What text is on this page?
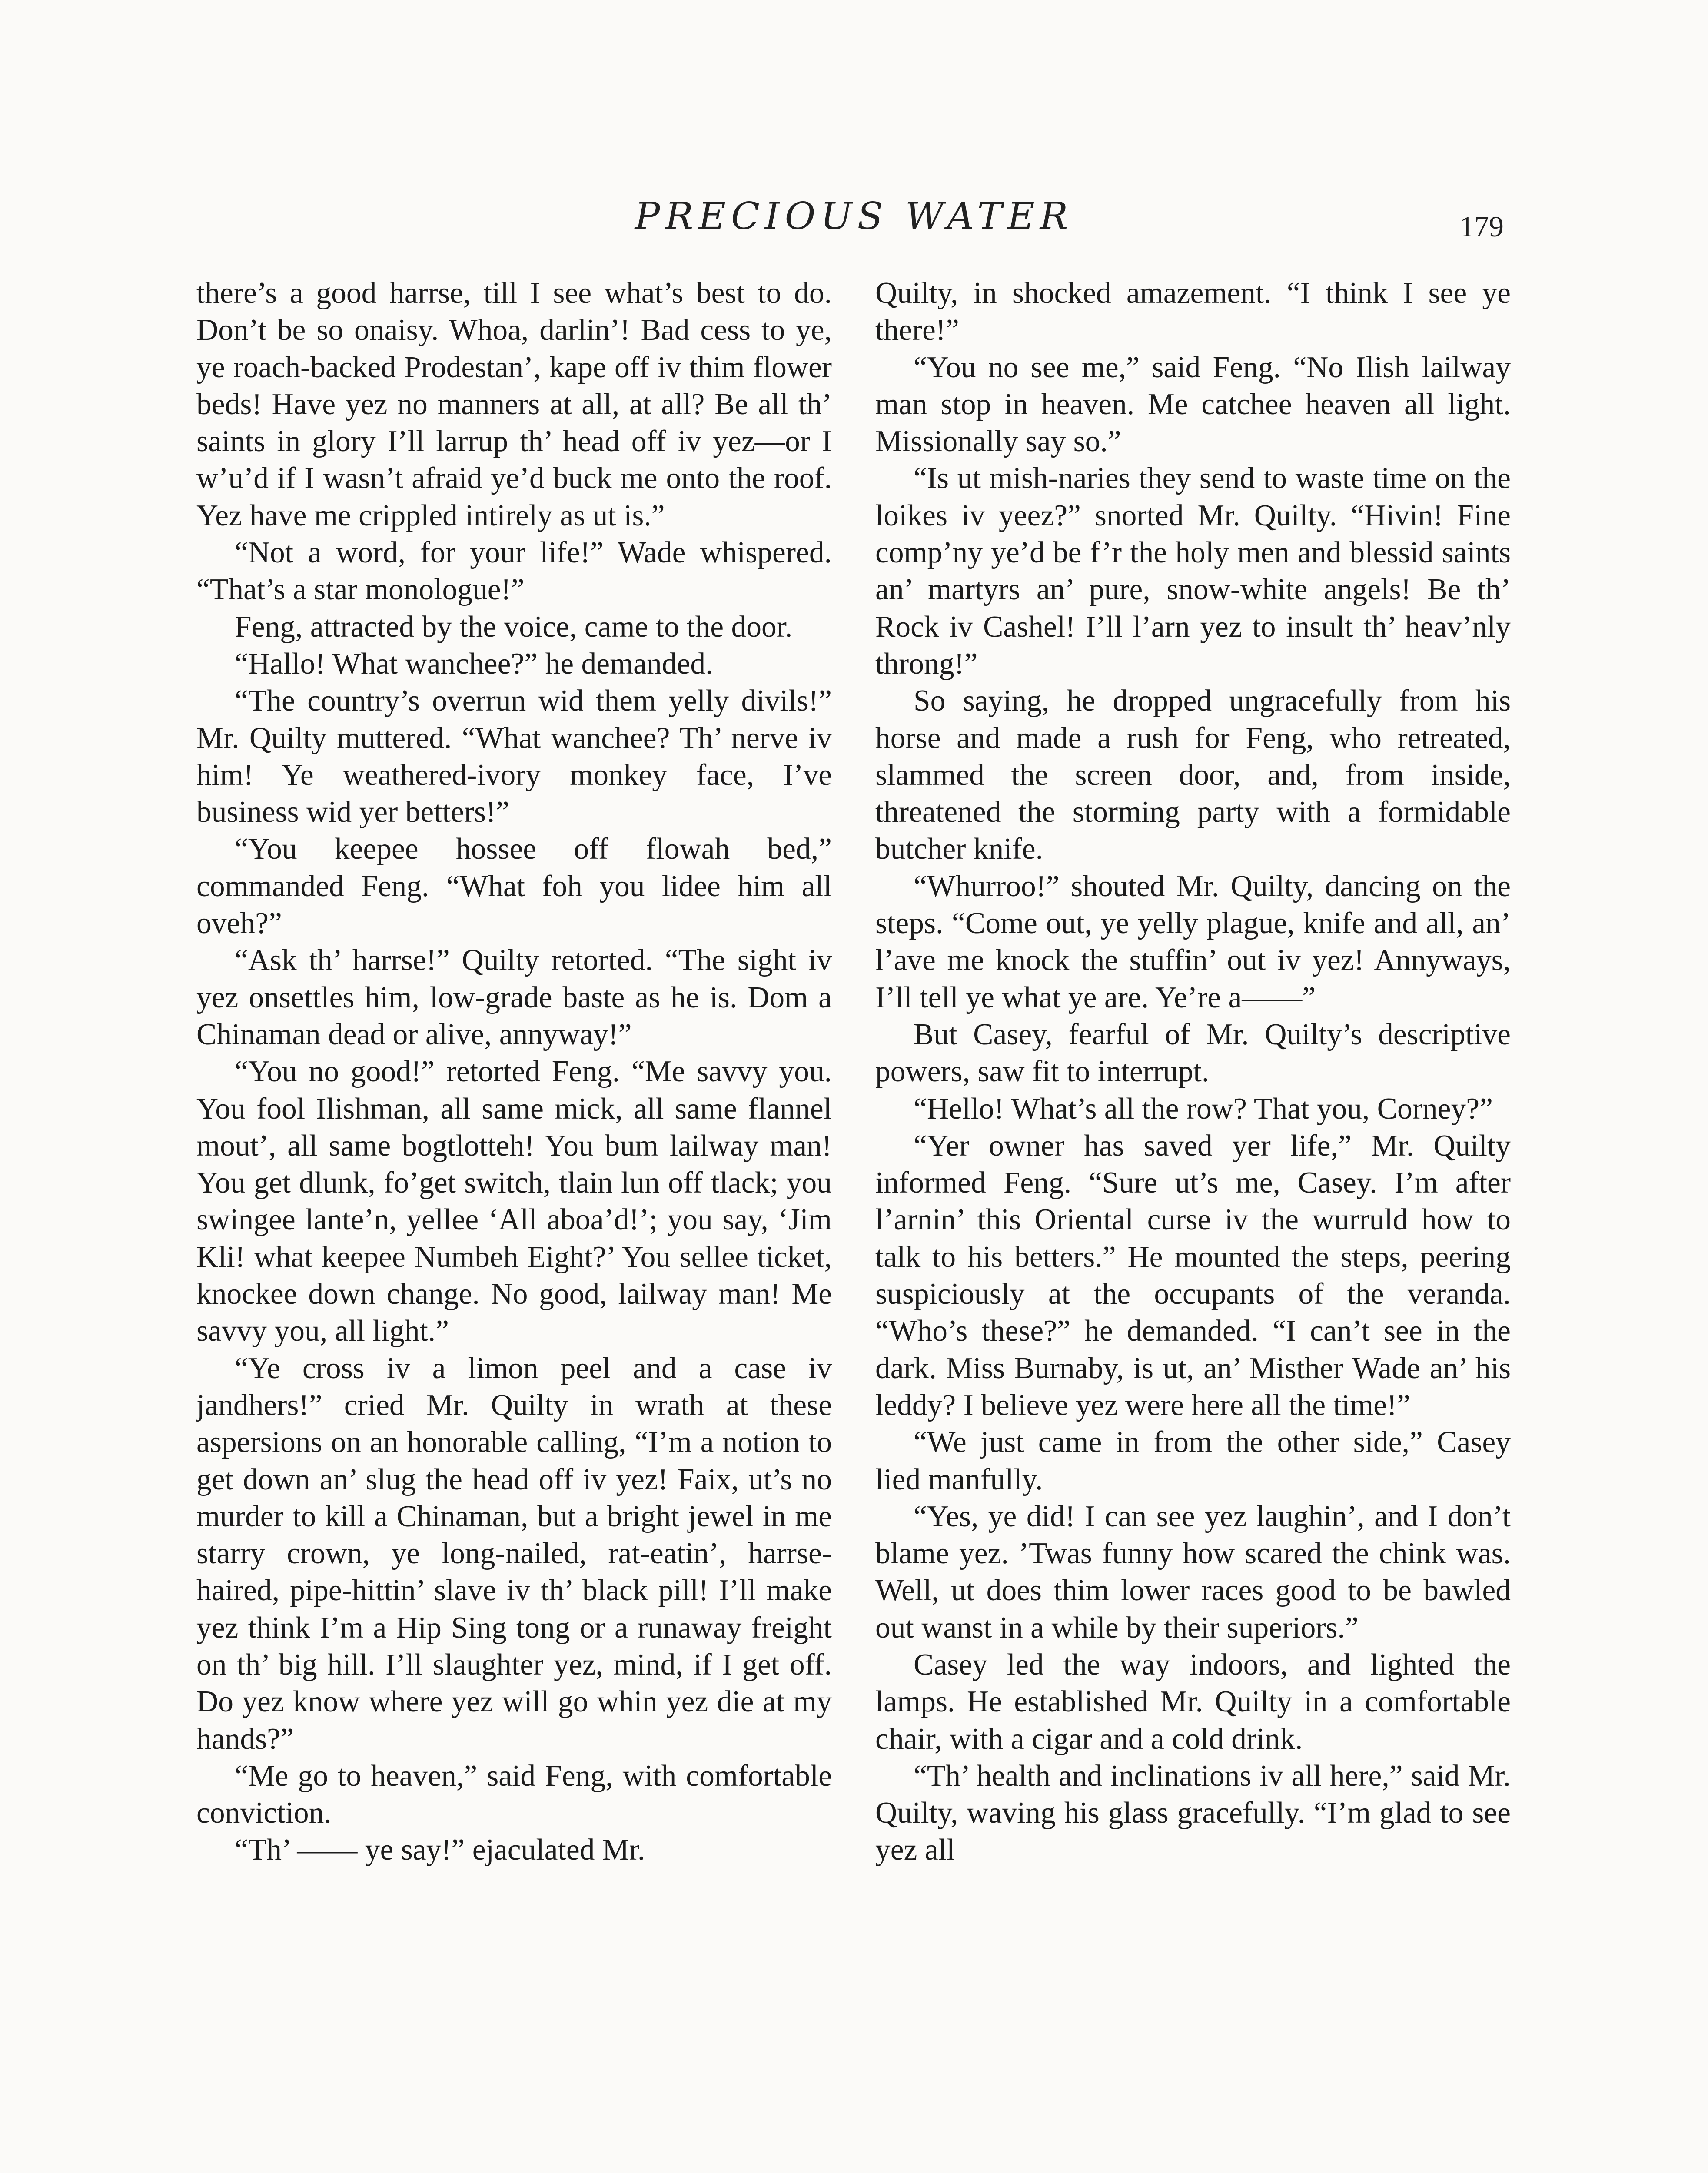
PRECIOUS WATER	179

there’s a good harrse, till I see what’s best to do. Don’t be so onaisy. Whoa, darlin’! Bad cess to ye, ye roach-backed Prodestan’, kape off iv thim flower beds! Have yez no manners at all, at all? Be all th’ saints in glory I’ll larrup th’ head off iv yez—or I w’u’d if I wasn’t afraid ye’d buck me onto the roof. Yez have me crippled intirely as ut is.”

“Not a word, for your life!” Wade whispered. “That’s a star monologue!”

Feng, attracted by the voice, came to the door.

“Hallo! What wanchee?” he demanded.

“The country’s overrun wid them yelly divils!” Mr. Quilty muttered. “What wanchee? Th’ nerve iv him! Ye weathered-ivory monkey face, I’ve business wid yer betters!”

“You keepee hossee off flowah bed,” commanded Feng. “What foh you lidee him all oveh?”

“Ask th’ harrse!” Quilty retorted. “The sight iv yez onsettles him, low-grade baste as he is. Dom a Chinaman dead or alive, annyway!”

“You no good!” retorted Feng. “Me savvy you. You fool Ilishman, all same mick, all same flannel mout’, all same bogtlotteh! You bum lailway man! You get dlunk, fo’get switch, tlain lun off tlack; you swingee lante’n, yellee ‘All aboa’d!’; you say, ‘Jim Kli! what keepee Numbeh Eight?’ You sellee ticket, knockee down change. No good, lailway man! Me savvy you, all light.”

“Ye cross iv a limon peel and a case iv jandhers!” cried Mr. Quilty in wrath at these aspersions on an honorable calling, “I’m a notion to get down an’ slug the head off iv yez! Faix, ut’s no murder to kill a Chinaman, but a bright jewel in me starry crown, ye long-nailed, rat-eatin’, harrse-haired, pipe-hittin’ slave iv th’ black pill! I’ll make yez think I’m a Hip Sing tong or a runaway freight on th’ big hill. I’ll slaughter yez, mind, if I get off. Do yez know where yez will go whin yez die at my hands?”

“Me go to heaven,” said Feng, with comfortable conviction.

“Th’ —— ye say!” ejaculated Mr.

Quilty, in shocked amazement. “I think I see ye there!”

“You no see me,” said Feng. “No Ilish lailway man stop in heaven. Me catchee heaven all light. Missionally say so.”

“Is ut mish-naries they send to waste time on the loikes iv yeez?” snorted Mr. Quilty. “Hivin! Fine comp’ny ye’d be f’r the holy men and blessid saints an’ martyrs an’ pure, snow-white angels! Be th’ Rock iv Cashel! I’ll l’arn yez to insult th’ heav’nly throng!”

So saying, he dropped ungracefully from his horse and made a rush for Feng, who retreated, slammed the screen door, and, from inside, threatened the storming party with a formidable butcher knife.

“Whurroo!” shouted Mr. Quilty, dancing on the steps. “Come out, ye yelly plague, knife and all, an’ l’ave me knock the stuffin’ out iv yez! Annyways, I’ll tell ye what ye are. Ye’re a——”

But Casey, fearful of Mr. Quilty’s descriptive powers, saw fit to interrupt.

“Hello! What’s all the row? That you, Corney?”

“Yer owner has saved yer life,” Mr. Quilty informed Feng. “Sure ut’s me, Casey. I’m after l’arnin’ this Oriental curse iv the wurruld how to talk to his betters.” He mounted the steps, peering suspiciously at the occupants of the veranda. “Who’s these?” he demanded. “I can’t see in the dark. Miss Burnaby, is ut, an’ Misther Wade an’ his leddy? I believe yez were here all the time!”

“We just came in from the other side,” Casey lied manfully.

“Yes, ye did! I can see yez laughin’, and I don’t blame yez. ’Twas funny how scared the chink was. Well, ut does thim lower races good to be bawled out wanst in a while by their superiors.”

Casey led the way indoors, and lighted the lamps. He established Mr. Quilty in a comfortable chair, with a cigar and a cold drink.

“Th’ health and inclinations iv all here,” said Mr. Quilty, waving his glass gracefully. “I’m glad to see yez all
